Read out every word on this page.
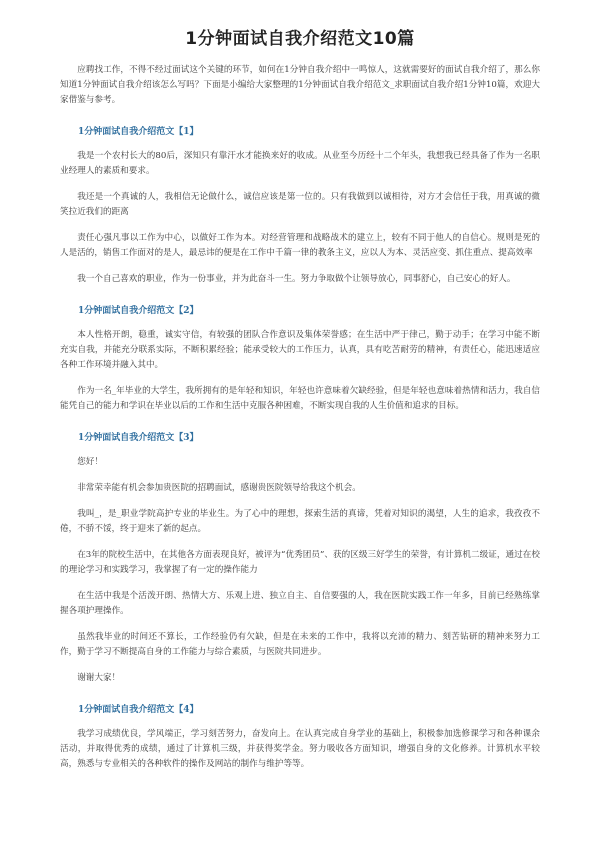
1分钟面试自我介绍范文10篇

应聘找工作，不得不经过面试这个关键的环节，如何在1分钟自我介绍中一鸣惊人，这就需要好的面试自我介绍了，那么你知道1分钟面试自我介绍该怎么写吗？下面是小编给大家整理的1分钟面试自我介绍范文_求职面试自我介绍1分钟10篇，欢迎大家借鉴与参考。

1分钟面试自我介绍范文【1】

我是一个农村长大的80后，深知只有靠汗水才能换来好的收成。从业至今历经十二个年头，我想我已经具备了作为一名职业经理人的素质和要求。

我还是一个真诚的人，我相信无论做什么，诚信应该是第一位的。只有我做到以诚相待，对方才会信任于我，用真诚的微笑拉近我们的距离

责任心强凡事以工作为中心，以做好工作为本。对经营管理和战略战术的建立上，较有不同于他人的自信心。规则是死的人是活的，销售工作面对的是人，最忌讳的便是在工作中千篇一律的教条主义，应以人为本、灵活应变、抓住重点、提高效率

我一个自己喜欢的职业，作为一份事业，并为此奋斗一生。努力争取做个让领导放心，同事舒心，自己安心的好人。

1分钟面试自我介绍范文【2】

本人性格开朗，稳重，诚实守信，有较强的团队合作意识及集体荣誉感；在生活中严于律己，勤于动手；在学习中能不断充实自我，并能充分联系实际，不断积累经验；能承受较大的工作压力，认真，具有吃苦耐劳的精神，有责任心，能迅速适应各种工作环境并融入其中。

作为一名_年毕业的大学生，我所拥有的是年轻和知识，年轻也许意味着欠缺经验，但是年轻也意味着热情和活力，我自信能凭自己的能力和学识在毕业以后的工作和生活中克服各种困难，不断实现自我的人生价值和追求的目标。

1分钟面试自我介绍范文【3】

您好！

非常荣幸能有机会参加贵医院的招聘面试，感谢贵医院领导给我这个机会。

我叫_，是_职业学院高护专业的毕业生。为了心中的理想，探索生活的真谛，凭着对知识的渴望，人生的追求，我孜孜不倦，不骄不馁，终于迎来了新的起点。

在3年的院校生活中，在其他各方面表现良好，被评为“优秀团员”、获的区级三好学生的荣誉，有计算机二级证，通过在校的理论学习和实践学习，我掌握了有一定的操作能力

在生活中我是个活泼开朗、热情大方、乐观上进、独立自主、自信要强的人，我在医院实践工作一年多，目前已经熟练掌握各项护理操作。

虽然我毕业的时间还不算长，工作经验仍有欠缺，但是在未来的工作中，我将以充沛的精力、刻苦钻研的精神来努力工作，勤于学习不断提高自身的工作能力与综合素质，与医院共同进步。

谢谢大家！

1分钟面试自我介绍范文【4】

我学习成绩优良，学风端正，学习刻苦努力，奋发向上。在认真完成自身学业的基础上，积极参加选修课学习和各种课余活动，并取得优秀的成绩，通过了计算机三级，并获得奖学金。努力吸收各方面知识，增强自身的文化修养。计算机水平较高，熟悉与专业相关的各种软件的操作及网站的制作与维护等等。
